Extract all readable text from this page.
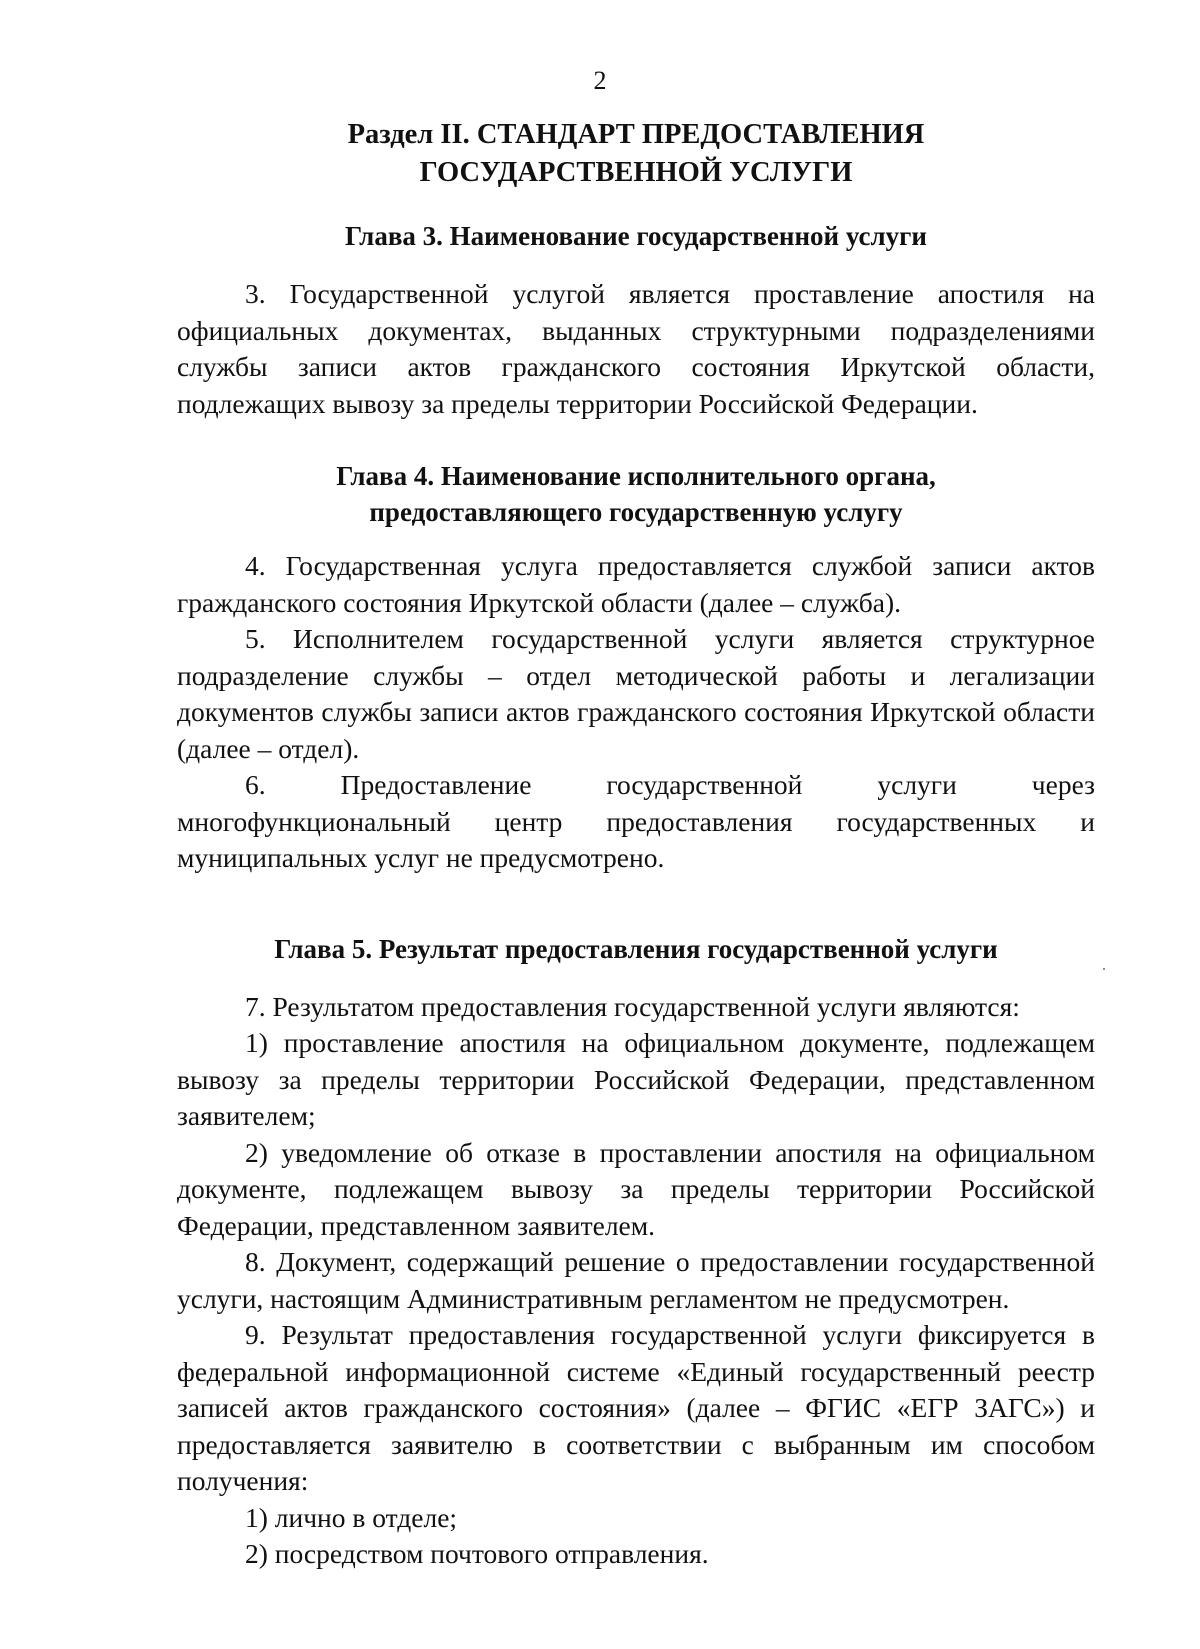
2
Раздел II. СТАНДАРТ ПРЕДОСТАВЛЕНИЯ
ГОСУДАРСТВЕННОЙ УСЛУГИ
Глава 3. Наименование государственной услуги

3. Государственной услугой является проставление апостиля на официальных документах, выданных структурными подразделениями службы записи актов гражданского состояния Иркутской области, подлежащих вывозу за пределы территории Российской Федерации.

Глава 4. Наименование исполнительного органа,
предоставляющего государственную услугу

4. Государственная услуга предоставляется службой записи актов гражданского состояния Иркутской области (далее – служба).

5. Исполнителем государственной услуги является структурное подразделение службы – отдел методической работы и легализации документов службы записи актов гражданского состояния Иркутской области (далее – отдел).

6.	Предоставление	государственной	услуги	через
многофункциональный центр предоставления государственных и
муниципальных услуг не предусмотрено.
Глава 5. Результат предоставления государственной услуги

7. Результатом предоставления государственной услуги являются:

1) проставление апостиля на официальном документе, подлежащем вывозу за пределы территории Российской Федерации, представленном заявителем;

2) уведомление об отказе в проставлении апостиля на официальном документе, подлежащем вывозу за пределы территории Российской Федерации, представленном заявителем.

8. Документ, содержащий решение о предоставлении государственной услуги, настоящим Административным регламентом не предусмотрен.

9. Результат предоставления государственной услуги фиксируется в федеральной информационной системе «Единый государственный реестр записей актов гражданского состояния» (далее – ФГИС «ЕГР ЗАГС») и предоставляется заявителю в соответствии с выбранным им способом получения:

1) лично в отделе;

2) посредством почтового отправления.
